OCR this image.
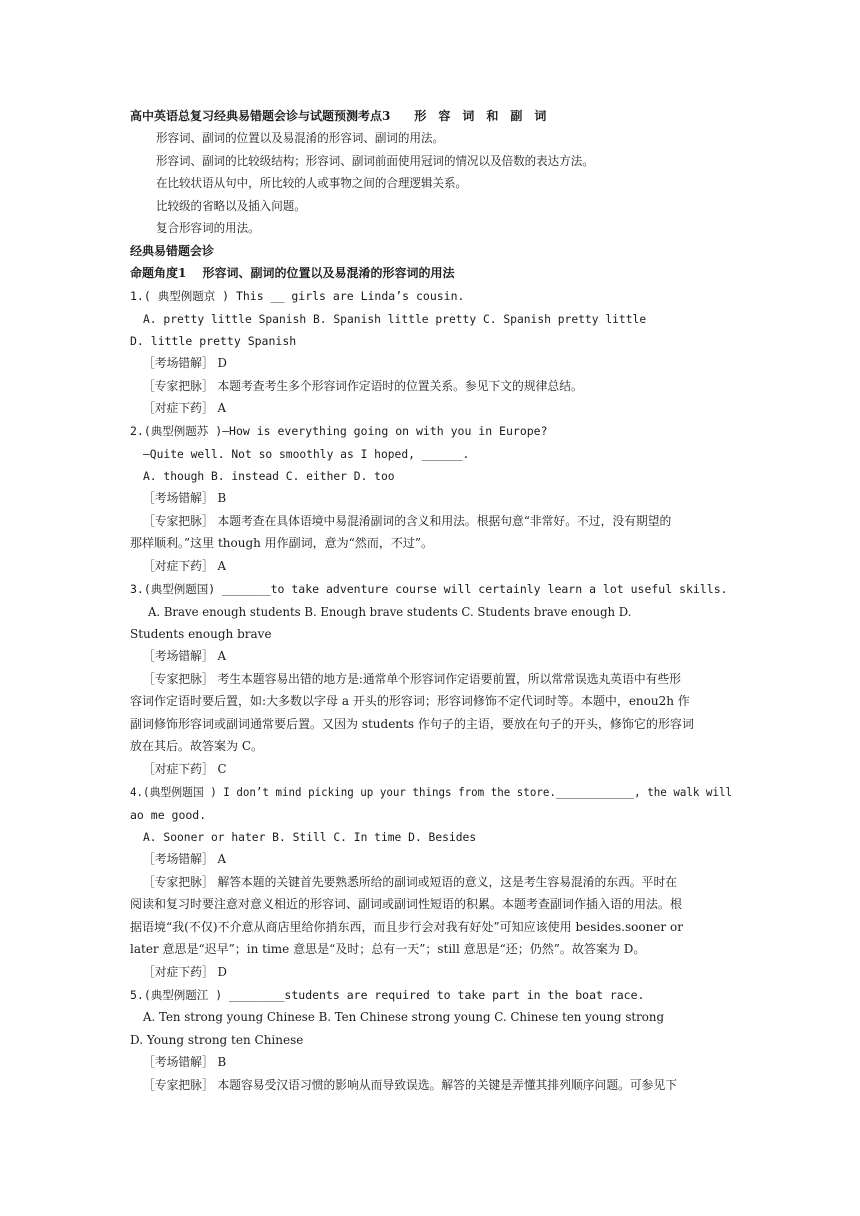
高中英语总复习经典易错题会诊与试题预测考点3　　形　容　词　和　副　词
形容词、副词的位置以及易混淆的形容词、副词的用法。
形容词、副词的比较级结构；形容词、副词前面使用冠词的情况以及倍数的表达方法。
在比较状语从句中，所比较的人或事物之间的合理逻辑关系。
比较级的省略以及插入问题。
复合形容词的用法。
经典易错题会诊
命题角度1　 形容词、副词的位置以及易混淆的形容词的用法
1.( 典型例题京 ) This __ girls are Linda’s cousin.
A. pretty little Spanish B. Spanish little pretty C. Spanish pretty little
D. little pretty Spanish
［考场错解］ D
［专家把脉］ 本题考查考生多个形容词作定语时的位置关系。参见下文的规律总结。
［对症下药］ A
2.(典型例题苏 )—How is everything going on with you in Europe?
—Quite well. Not so smoothly as I hoped, ______.
A. though B. instead C. either D. too
［考场错解］ B
［专家把脉］ 本题考查在具体语境中易混淆副词的含义和用法。根据句意“非常好。不过，没有期望的
那样顺利。”这里 though 用作副词，意为“然而，不过”。
［对症下药］ A
3.(典型例题国) _______to take adventure course will certainly learn a lot useful skills.
A. Brave enough students B. Enough brave students C. Students brave enough D.
Students enough brave
［考场错解］ A
［专家把脉］ 考生本题容易出错的地方是:通常单个形容词作定语要前置，所以常常误选丸英语中有些形
容词作定语时要后置，如:大多数以字母 a 开头的形容词；形容词修饰不定代词时等。本题中，enou2h 作
副词修饰形容词或副词通常要后置。又因为 students 作句子的主语，要放在句子的开头，修饰它的形容词
放在其后。故答案为 C。
［对症下药］ C
4.(典型例题国 ) I don’t mind picking up your things from the store.____________, the walk will
ao me good.
A. Sooner or hater B. Still C. In time D. Besides
［考场错解］ A
［专家把脉］ 解答本题的关键首先要熟悉所给的副词或短语的意义，这是考生容易混淆的东西。平时在
阅读和复习时要注意对意义相近的形容词、副词或副词性短语的积累。本题考查副词作插入语的用法。根
据语境“我(不仅)不介意从商店里给你捎东西，而且步行会对我有好处”可知应该使用 besides.sooner or
later 意思是“迟早”；in time 意思是“及时；总有一天”；still 意思是“还；仍然”。故答案为 D。
［对症下药］ D
5.(典型例题江 ) ________students are required to take part in the boat race.
A. Ten strong young Chinese B. Ten Chinese strong young C. Chinese ten young strong
D. Young strong ten Chinese
［考场错解］ B
［专家把脉］ 本题容易受汉语习惯的影响从而导致误选。解答的关键是弄懂其排列顺序问题。可参见下
